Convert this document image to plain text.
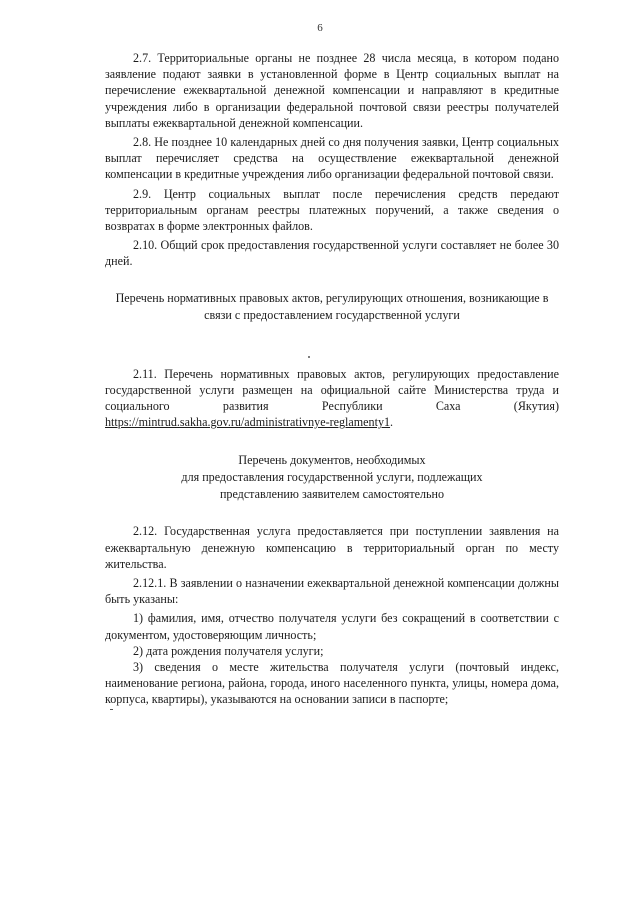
6

2.7. Территориальные органы не позднее 28 числа месяца, в котором подано заявление подают заявки в установленной форме в Центр социальных выплат на перечисление ежеквартальной денежной компенсации и направляют в кредитные учреждения либо в организации федеральной почтовой связи реестры получателей выплаты ежеквартальной денежной компенсации.

2.8. Не позднее 10 календарных дней со дня получения заявки, Центр социальных выплат перечисляет средства на осуществление ежеквартальной денежной компенсации в кредитные учреждения либо организации федеральной почтовой связи.

2.9. Центр социальных выплат после перечисления средств передают территориальным органам реестры платежных поручений, а также сведения о возвратах в форме электронных файлов.

2.10. Общий срок предоставления государственной услуги составляет не более 30 дней.

Перечень нормативных правовых актов, регулирующих отношения, возникающие в связи с предоставлением государственной услуги

2.11. Перечень нормативных правовых актов, регулирующих предоставление государственной услуги размещен на официальной сайте Министерства труда и социального развития Республики Саха (Якутия) https://mintrud.sakha.gov.ru/administrativnye-reglamenty1.

Перечень документов, необходимых
для предоставления государственной услуги, подлежащих
представлению заявителем самостоятельно

2.12. Государственная услуга предоставляется при поступлении заявления на ежеквартальную денежную компенсацию в территориальный орган по месту жительства.

2.12.1. В заявлении о назначении ежеквартальной денежной компенсации должны быть указаны:

1) фамилия, имя, отчество получателя услуги без сокращений в соответствии с документом, удостоверяющим личность;

2) дата рождения получателя услуги;

3) сведения о месте жительства получателя услуги (почтовый индекс, наименование региона, района, города, иного населенного пункта, улицы, номера дома, корпуса, квартиры), указываются на основании записи в паспорте;
